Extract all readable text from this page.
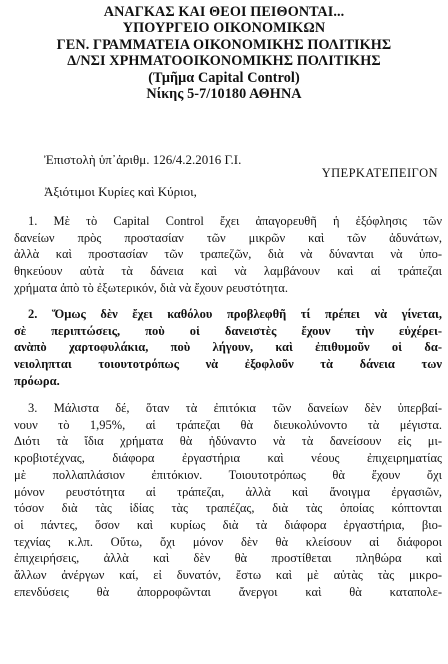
ΑΝΑΓΚΑΣ ΚΑΙ ΘΕΟΙ ΠΕΙΘΟΝΤΑΙ...
ΥΠΟΥΡΓΕΙΟ ΟΙΚΟΝΟΜΙΚΩΝ
ΓΕΝ. ΓΡΑΜΜΑΤΕΙΑ ΟΙΚΟΝΟΜΙΚΗΣ ΠΟΛΙΤΙΚΗΣ
Δ/ΝΣΙ ΧΡΗΜΑΤΟΟΙΚΟΝΟΜΙΚΗΣ ΠΟΛΙΤΙΚΗΣ
(Τμῆμα Capital Control)
Νίκης 5-7/10180 ΑΘΗΝΑ
Ἐπιστολὴ ὑπ᾿ἀριθμ. 126/4.2.2016 Γ.Ι.
ΥΠΕΡΚΑΤΕΠΕΙΓΟΝ
Ἀξιότιμοι Κυρίες καὶ Κύριοι,
1. Μὲ τὸ Capital Control ἔχει ἀπαγορευθῆ ἡ ἐξόφλησις τῶν
δανείων πρὸς προστασίαν τῶν μικρῶν καὶ τῶν ἀδυνάτων,
ἀλλὰ καὶ προστασίαν τῶν τραπεζῶν, διὰ νὰ δύνανται νὰ ὑπο-
θηκεύουν αὐτὰ τὰ δάνεια καὶ νὰ λαμβάνουν καὶ αἱ τράπεζαι
χρήματα ἀπὸ τὸ ἐξωτερικόν, διὰ νὰ ἔχουν ρευστότητα.
2. Ὅμως δὲν ἔχει καθόλου προβλεφθῆ τί πρέπει νὰ γίνεται,
σὲ περιπτώσεις, ποὺ οἱ δανειστὲς ἔχουν τὴν εὐχέρει-
ανὰπὸ χαρτοφυλάκια, ποὺ λήγουν, καὶ ἐπιθυμοῦν οἱ δα-
νειοληπται τοιουτοτρόπως νὰ ἐξοφλοῦν τὰ δάνεια των
πρόωρα.
3. Μάλιστα δέ, ὅταν τὰ ἐπιτόκια τῶν δανείων δὲν ὑπερβαί-
νουν τὸ 1,95%, αἱ τράπεζαι θὰ διευκολύνοντο τὰ μέγιστα.
Διότι τὰ ἴδια χρήματα θὰ ἠδύναντο νὰ τὰ δανείσουν εἰς μι-
κροβιοτέχνας, διάφορα ἐργαστήρια καὶ νέους ἐπιχειρηματίας
μὲ πολλαπλάσιον ἐπιτόκιον. Τοιουτοτρόπως θὰ ἔχουν ὄχι
μόνον ρευστότητα αἱ τράπεζαι, ἀλλὰ καὶ ἄνοιγμα ἐργασιῶν,
τόσον διὰ τὰς ἰδίας τὰς τραπέζας, διὰ τὰς ὁποίας κόπτονται
οἱ πάντες, ὅσον καὶ κυρίως διὰ τὰ διάφορα ἐργαστήρια, βιο-
τεχνίας κ.λπ. Οὕτω, ὄχι μόνον δὲν θὰ κλείσουν αἱ διάφοροι
ἐπιχειρήσεις, ἀλλὰ καὶ δὲν θὰ προστίθεται πληθώρα καὶ
ἄλλων ἀνέργων καί, εἰ δυνατόν, ἔστω καὶ μὲ αὐτὰς τὰς μικρο-
επενδύσεις θὰ ἀπορροφῶνται ἄνεργοι καὶ θὰ καταπολε-
